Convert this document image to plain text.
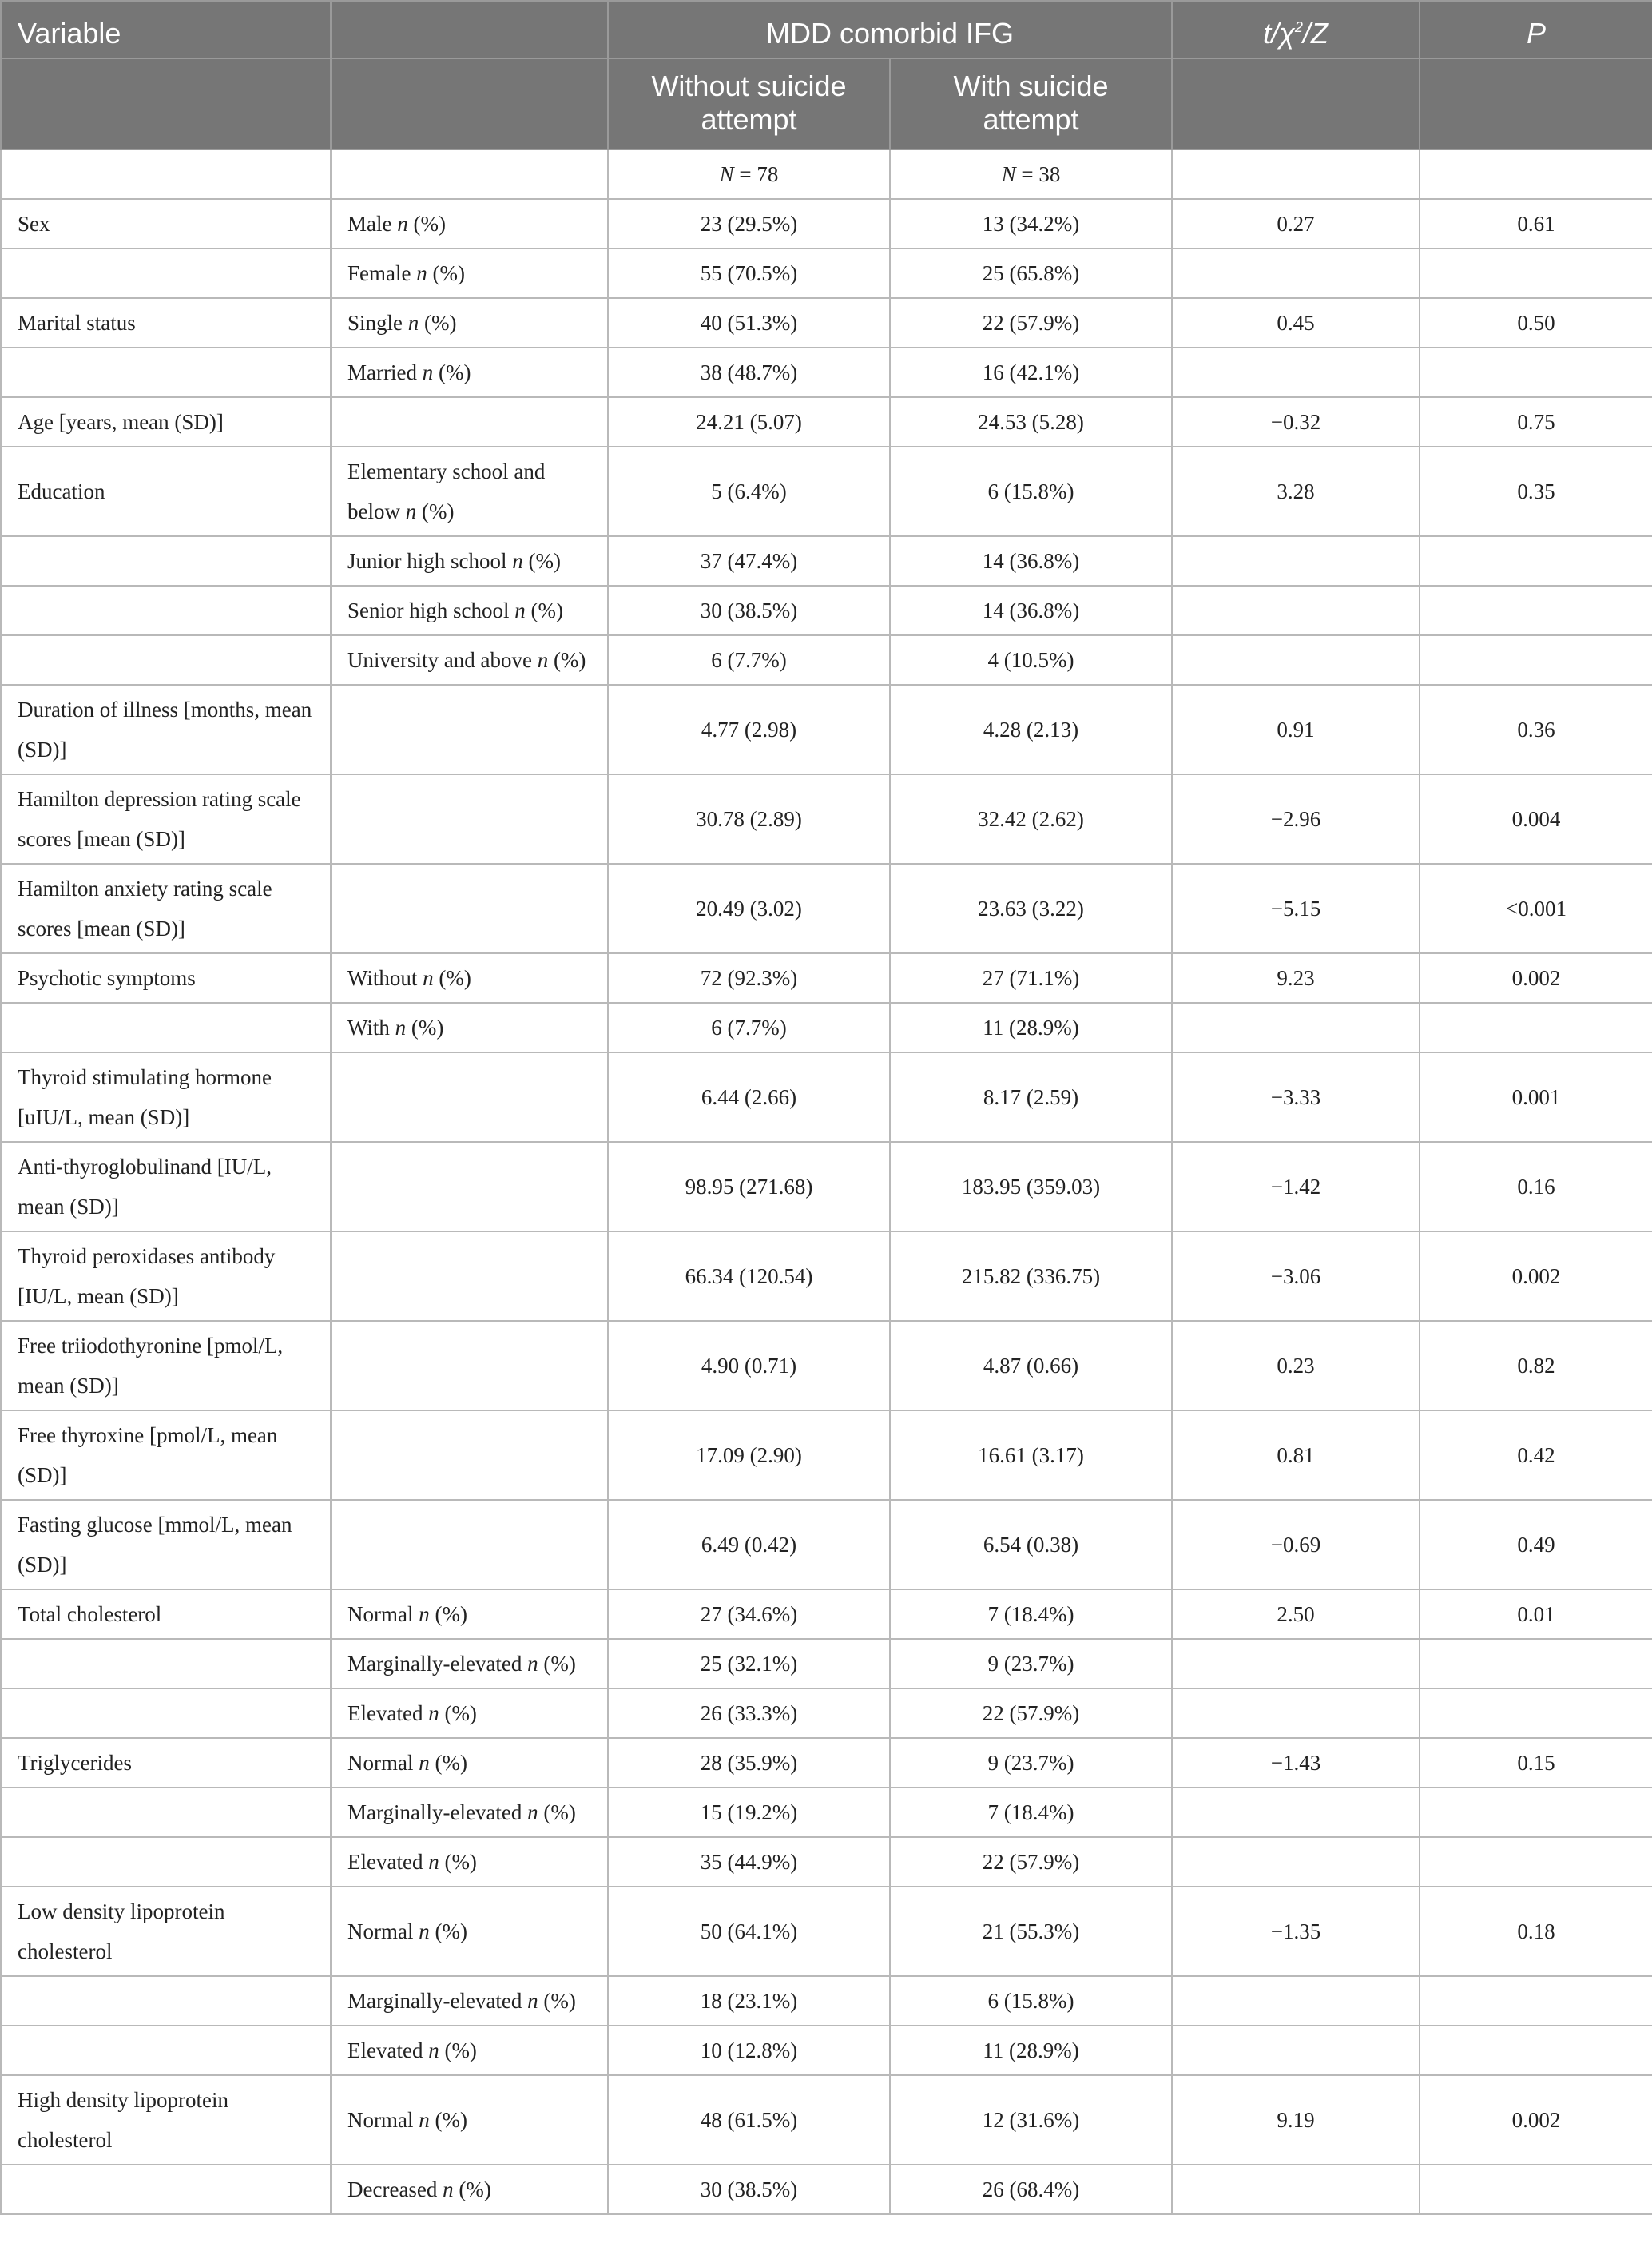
Variable		MDD comorbid IFG		$t/\chi^2/Z$	P
		Without suicide attempt	With suicide attempt		
		N = 78	N = 38		
Sex	Male n (%)	23 (29.5%)	13 (34.2%)	0.27	0.61
	Female n (%)	55 (70.5%)	25 (65.8%)		
Marital status	Single n (%)	40 (51.3%)	22 (57.9%)	0.45	0.50
	Married n (%)	38 (48.7%)	16 (42.1%)		
Age [years, mean (SD)]		24.21 (5.07)	24.53 (5.28)	−0.32	0.75
Education	Elementary school and below n (%)	5 (6.4%)	6 (15.8%)	3.28	0.35
	Junior high school n (%)	37 (47.4%)	14 (36.8%)		
	Senior high school n (%)	30 (38.5%)	14 (36.8%)		
	University and above n (%)	6 (7.7%)	4 (10.5%)		
Duration of illness [months, mean (SD)]		4.77 (2.98)	4.28 (2.13)	0.91	0.36
Hamilton depression rating scale scores [mean (SD)]		30.78 (2.89)	32.42 (2.62)	−2.96	0.004
Hamilton anxiety rating scale scores [mean (SD)]		20.49 (3.02)	23.63 (3.22)	−5.15	<0.001
Psychotic symptoms	Without n (%)	72 (92.3%)	27 (71.1%)	9.23	0.002
	With n (%)	6 (7.7%)	11 (28.9%)		
Thyroid stimulating hormone [uIU/L, mean (SD)]		6.44 (2.66)	8.17 (2.59)	−3.33	0.001
Anti-thyroglobulinand [IU/L, mean (SD)]		98.95 (271.68)	183.95 (359.03)	−1.42	0.16
Thyroid peroxidases antibody [IU/L, mean (SD)]		66.34 (120.54)	215.82 (336.75)	−3.06	0.002
Free triiodothyronine [pmol/L, mean (SD)]		4.90 (0.71)	4.87 (0.66)	0.23	0.82
Free thyroxine [pmol/L, mean (SD)]		17.09 (2.90)	16.61 (3.17)	0.81	0.42
Fasting glucose [mmol/L, mean (SD)]		6.49 (0.42)	6.54 (0.38)	−0.69	0.49
Total cholesterol	Normal n (%)	27 (34.6%)	7 (18.4%)	2.50	0.01
	Marginally-elevated n (%)	25 (32.1%)	9 (23.7%)		
	Elevated n (%)	26 (33.3%)	22 (57.9%)		
Triglycerides	Normal n (%)	28 (35.9%)	9 (23.7%)	−1.43	0.15
	Marginally-elevated n (%)	15 (19.2%)	7 (18.4%)		
	Elevated n (%)	35 (44.9%)	22 (57.9%)		
Low density lipoprotein cholesterol	Normal n (%)	50 (64.1%)	21 (55.3%)	−1.35	0.18
	Marginally-elevated n (%)	18 (23.1%)	6 (15.8%)		
	Elevated n (%)	10 (12.8%)	11 (28.9%)		
High density lipoprotein cholesterol	Normal n (%)	48 (61.5%)	12 (31.6%)	9.19	0.002
	Decreased n (%)	30 (38.5%)	26 (68.4%)		
